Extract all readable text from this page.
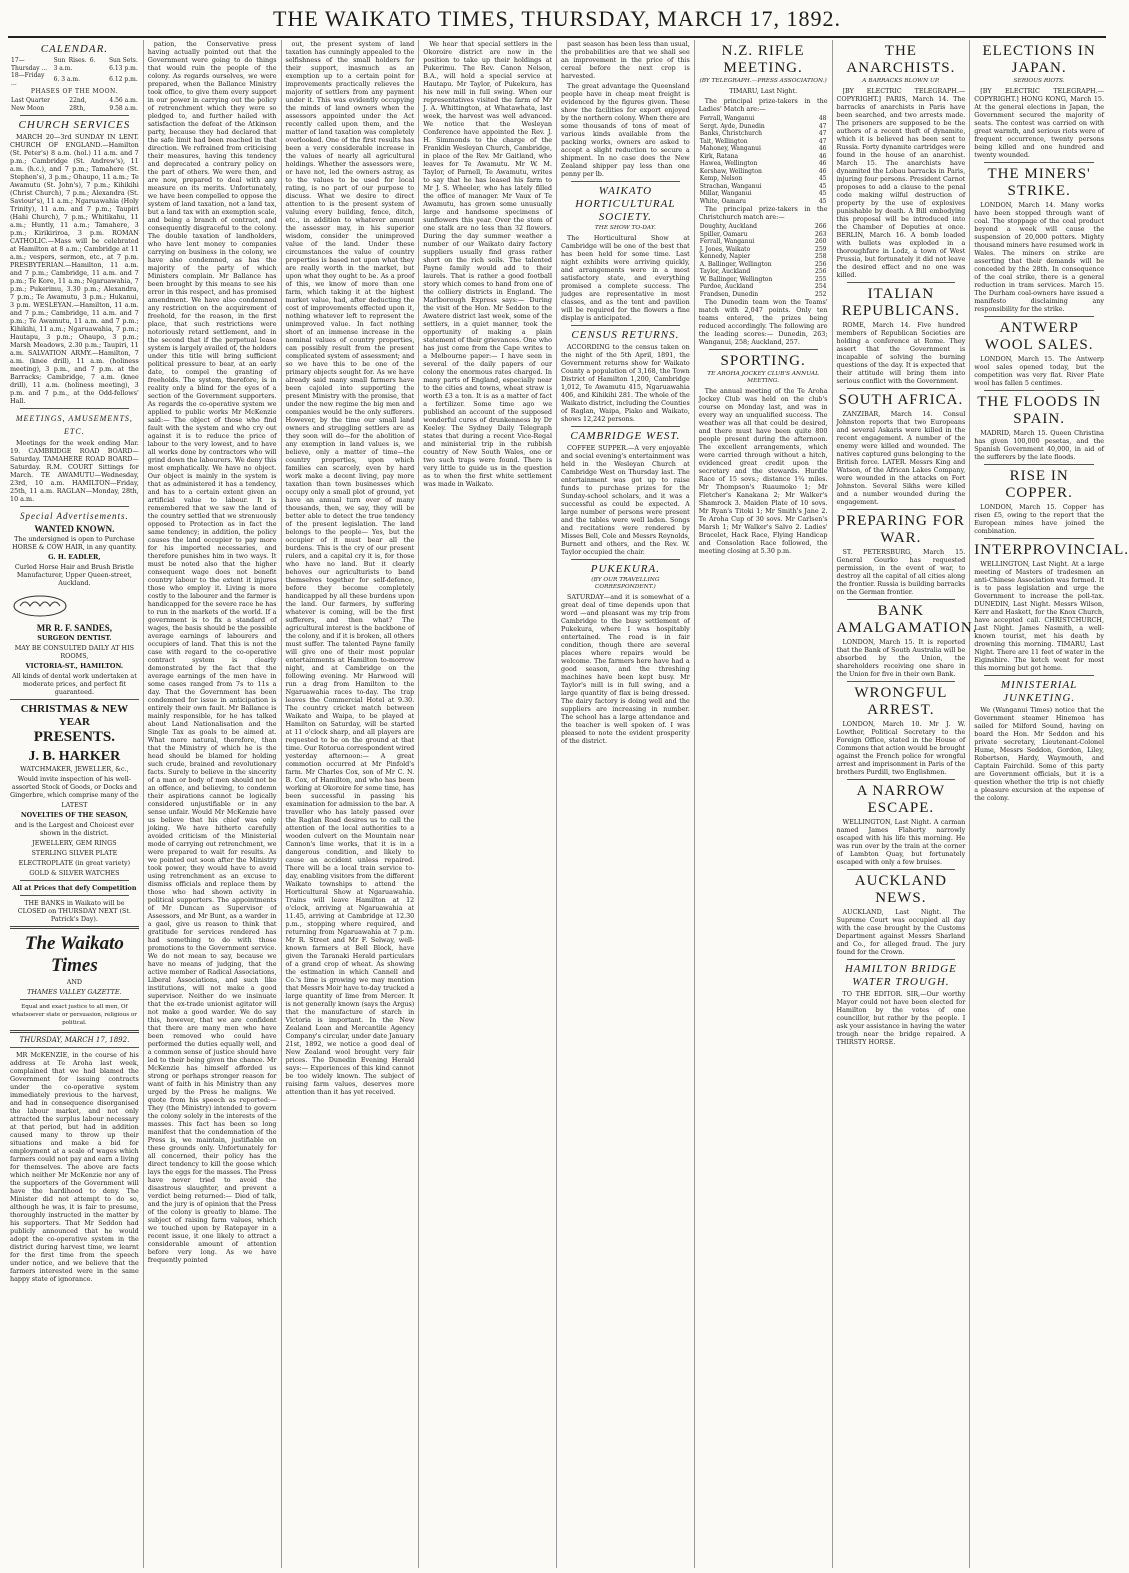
THE WAIKATO TIMES, THURSDAY, MARCH 17, 1892.
CALENDAR.
17—Thursday ...	Sun Rises. 6. 3 a.m.	Sun Sets. 6.13 p.m.
18—Friday ...	6. 3 a.m.	6.12 p.m.
PHASES OF THE MOON.
Last Quarter	22nd,	4.56 a.m.
New Moon	28th,	9.58 a.m.
CHURCH SERVICES

MARCH 20—3rd SUNDAY IN LENT. CHURCH OF ENGLAND.—Hamilton (St. Peter's) 8 a.m. (hol.) 11 a.m. and 7 p.m.; Cambridge (St. Andrew's), 11 a.m. (h.c.), and 7 p.m.; Tamahere (St. Stephen's), 3 p.m.; Ohaupo, 11 a.m.; Te Awamutu (St. John's), 7 p.m.; Kihikihi (Christ Church), 7 p.m.; Alexandra (St. Saviour's), 11 a.m.; Ngaruawahia (Holy Trinity), 11 a.m. and 7 p.m.; Taupiri (Hahi Church), 7 p.m.; Whitikahu, 11 a.m.; Huntly, 11 a.m.; Tamahere, 3 p.m.; Kirikiriroa, 3 p.m. ROMAN CATHOLIC.—Mass will be celebrated at Hamilton at 8 a.m.; Cambridge at 11 a.m.; vespers, sermon, etc., at 7 p.m. PRESBYTERIAN.—Hamilton, 11 a.m. and 7 p.m.; Cambridge, 11 a.m. and 7 p.m.; Te Kore, 11 a.m.; Ngaruawahia, 7 p.m.; Pukerimu, 3.30 p.m.; Alexandra, 7 p.m.; Te Awamutu, 3 p.m.; Hukanui, 3 p.m. WESLEYAN.—Hamilton, 11 a.m. and 7 p.m.; Cambridge, 11 a.m. and 7 p.m.; Te Awamutu, 11 a.m. and 7 p.m.; Kihikihi, 11 a.m.; Ngaruawahia, 7 p.m.; Hautapu, 3 p.m.; Ohaupo, 3 p.m.; Marsh Meadows, 2.30 p.m.; Taupiri, 11 a.m. SALVATION ARMY.—Hamilton, 7 a.m. (knee drill), 11 a.m. (holiness meeting), 3 p.m., and 7 p.m. at the Barracks; Cambridge, 7 a.m. (knee drill), 11 a.m. (holiness meeting), 3 p.m. and 7 p.m., at the Odd-fellows' Hall.

MEETINGS, AMUSEMENTS, ETC.

Meetings for the week ending Mar. 19. CAMBRIDGE ROAD BOARD—Saturday. TAMAHERE ROAD BOARD—Saturday. R.M. COURT Sittings for March. TE AWAMUTU—Wednesday, 23rd, 10 a.m. HAMILTON—Friday, 25th, 11 a.m. RAGLAN—Monday, 28th, 10 a.m.

Special Advertisements.
WANTED KNOWN.

The undersigned is open to Purchase HORSE & COW HAIR, in any quantity.

G. H. EADLER,

Curled Horse Hair and Brush Bristle Manufacturer, Upper Queen-street, Auckland.

MR R. F. SANDES,

SURGEON DENTIST.

MAY BE CONSULTED DAILY AT HIS ROOMS,

VICTORIA-ST., HAMILTON.

All kinds of dental work undertaken at moderate prices, and perfect fit guaranteed.

CHRISTMAS & NEW YEAR
PRESENTS.
J. B. HARKER

WATCHMAKER, JEWELLER, &c.,

Would invite inspection of his well-assorted Stock of Goods, or Docks and Gingerbre, which comprise many of the

LATEST

NOVELTIES OF THE SEASON,

and is the Largest and Choicest ever shown in the district.

JEWELLERY, GEM RINGS

STERLING SILVER PLATE

ELECTROPLATE (in great variety)

GOLD & SILVER WATCHES

All at Prices that defy Competition

THE BANKS in Waikato will be CLOSED on THURSDAY NEXT (St. Patrick's Day).

The Waikato Times

AND

THAMES VALLEY GAZETTE.

Equal and exact justice to all men, Of whatsoever state or persuasion, religious or political.

THURSDAY, MARCH 17, 1892.

MR McKENZIE, in the course of his address at Te Aroha last week, complained that we had blamed the Government for issuing contracts under the co-operative system immediately previous to the harvest, and had in consequence disorganised the labour market, and not only attracted the surplus labour necessary at that period, but had in addition caused many to throw up their situations and make a bid for employment at a scale of wages which farmers could not pay and earn a living for themselves. The above are facts which neither Mr McKenzie nor any of the supporters of the Government will have the hardihood to deny. The Minister did not attempt to do so, although he was, it is fair to presume, thoroughly instructed in the matter by his supporters. That Mr Seddon had publicly announced that he would adopt the co-operative system in the district during harvest time, we learnt for the first time from the speech under notice, and we believe that the farmers interested were in the same happy state of ignorance.

pation, the Conservative press having actually pointed out that the Government were going to do things that would ruin the people of the colony. As regards ourselves, we were prepared, when the Ballance Ministry took office, to give them every support in our power in carrying out the policy of retrenchment which they were so pledged to, and further hailed with satisfaction the defeat of the Atkinson party, because they had declared that the safe limit had been reached in that direction. We refrained from criticising their measures, having this tendency and deprecated a contrary policy on the part of others. We were then, and are now, prepared to deal with any measure on its merits. Unfortunately, we have been compelled to oppose the system of land taxation, not a land tax, but a land tax with an exemption scale, and being a branch of contract, and consequently disgraceful to the colony. The double taxation of landholders, who have lent money to companies carrying on business in the colony, we have also condemned, as has the majority of the party of which Ministers complain. Mr Ballance has been brought by this means to see his error in this respect, and has promised amendment. We have also condemned any restriction on the acquirement of freehold, for the reason, in the first place, that such restrictions were notoriously retard settlement, and in the second that if the perpetual lease system is largely availed of, the holders under this title will bring sufficient political pressure to bear, at an early date, to compel the granting of freeholds. The system, therefore, is in reality only a blind for the eyes of a section of the Government supporters. As regards the co-operative system we applied to public works Mr McKenzie said:— The object of those who find fault with the system and who cry out against it is to reduce the price of labour to the very lowest, and to have all works done by contractors who will grind down the labourers. We deny this most emphatically. We have no object. Our object is mainly in the system is that as administered it has a tendency, and has to a certain extent given an artificial value to labour. It is remembered that we saw the land of the country settled that we strenuously opposed to Protection as in fact the same tendency; in addition, the policy causes the land occupier to pay more for his imported necessaries, and therefore punishes him in two ways. It must be noted also that the higher consequent wage does not benefit country labour to the extent it injures those who employ it. Living is more costly to the labourer and the farmer is handicapped for the severe race he has to run in the markets of the world. If a government is to fix a standard of wages, the basis should be the possible average earnings of labourers and occupiers of land. That this is not the case with regard to the co-operative contract system is clearly demonstrated by the fact that the average earnings of the men have in some cases ranged from 7s to 11s a day. That the Government has been condemned for issue in anticipation is entirely their own fault. Mr Ballance is mainly responsible, for he has talked about Land Nationalisation and the Single Tax as goals to be aimed at. What more natural, therefore, than that the Ministry of which he is the head should be blamed for holding such crude, brained and revolutionary facts. Surely to believe in the sincerity of a man or body of men should not be an offence, and believing, to condemn their aspirations cannot be logically considered unjustifiable or in any sense unfair. Would Mr McKenzie have us believe that his chief was only joking. We have hitherto carefully avoided criticism of the Ministerial mode of carrying out retrenchment, we were prepared to wait for results. As we pointed out soon after the Ministry took power, they would have to avoid using retrenchment as an excuse to dismiss officials and replace them by those who had shown activity in political supporters. The appointments of Mr Duncan as Supervisor of Assessors, and Mr Bunt, as a warder in a gaol, give us reason to think that gratitude for services rendered has had something to do with those promotions to the Government service. We do not mean to say, because we have no means of judging, that the active member of Radical Associations, Liberal Associations, and such like institutions, will not make a good supervisor. Neither do we insinuate that the ex-trade unionist agitator will not make a good warder. We do say this, however, that we are confident that there are many men who have been removed who could have performed the duties equally well, and a common sense of justice should have led to their being given the chance. Mr McKenzie has himself afforded us strong or perhaps stronger reason for want of faith in his Ministry than any urged by the Press he maligns. We quote from his speech as reported:— They (the Ministry) intended to govern the colony solely in the interests of the masses. This fact has been so long manifest that the condemnation of the Press is, we maintain, justifiable on these grounds only. Unfortunately for all concerned, their policy has the direct tendency to kill the goose which lays the eggs for the masses. The Press have never tried to avoid the disastrous slaughter, and prevent a verdict being returned:— Died of talk, and the jury is of opinion that the Press of the colony is greatly to blame. The subject of raising farm values, which we touched upon by Ratepayer in a recent issue, it one likely to attract a considerable amount of attention before very long. As we have frequently pointed

out, the present system of land taxation has cunningly appealed to the selfishness of the small holders for their support, inasmuch as an exemption up to a certain point for improvements practically relieves the majority of settlers from any payment under it. This was evidently occupying the minds of land owners when the assessors appointed under the Act recently called upon them, and the matter of land taxation was completely overlooked. One of the first results has been a very considerable increase in the values of nearly all agricultural holdings. Whether the assessors were, or have not, led the owners astray, as to the values to be used for local rating, is no part of our purpose to discuss. What we desire to direct attention to is the present system of valuing every building, fence, ditch, etc., in addition to whatever amount the assessor may, in his superior wisdom, consider the unimproved value of the land. Under these circumstances the value of country properties is based not upon what they are really worth in the market, but upon what they ought to be. As a proof of this, we know of more than one farm, which taking it at the highest market value, had, after deducting the cost of improvements effected upon it, nothing whatever left to represent the unimproved value. In fact nothing short of an immense increase in the nominal values of country properties, can possibly result from the present complicated system of assessment; and so we have this to be one of the primary objects sought for. As we have already said many small farmers have been cajoled into supporting the present Ministry with the promise, that under the new regime the big men and companies would be the only sufferers. However, by the time our small land owners and struggling settlers are as they soon will do—for the abolition of any exemption in land values is, we believe, only a matter of time—the country properties, upon which families can scarcely, even by hard work make a decent living, pay more taxation than town businesses which occupy only a small plot of ground, yet have an annual turn over of many thousands, then, we say, they will be better able to detect the true tendency of the present legislation. The land belongs to the people— Yes, but the occupier of it must bear all the burdens. This is the cry of our present rulers, and a capital cry it is, for those who have no land. But it clearly behoves our agriculturists to band themselves together for self-defence, before they become completely handicapped by all these burdens upon the land. Our farmers, by suffering whatever is coming, will be the first sufferers, and then what? The agricultural interest is the backbone of the colony, and if it is broken, all others must suffer. The talented Payne family will give one of their most popular entertainments at Hamilton to-morrow night, and at Cambridge on the following evening. Mr Harwood will run a drag from Hamilton to the Ngaruawahia races to-day. The trap leaves the Commercial Hotel at 9.30. The country cricket match between Waikato and Waipa, to be played at Hamilton on Saturday, will be started at 11 o'clock sharp, and all players are requested to be on the ground at that time. Our Rotorua correspondent wired yesterday afternoon:— A great commotion occurred at Mr Pinfold's farm. Mr Charles Cox, son of Mr C. N. B. Cox, of Hamilton, and who has been working at Okoroire for some time, has been successful in passing his examination for admission to the bar. A traveller who has lately passed over the Raglan Road desires us to call the attention of the local authorities to a wooden culvert on the Mountain near Cannon's lime works, that it is in a dangerous condition, and likely to cause an accident unless repaired. There will be a local train service to-day, enabling visitors from the different Waikato townships to attend the Horticultural Show at Ngaruawahia. Trains will leave Hamilton at 12 o'clock, arriving at Ngaruawahia at 11.45, arriving at Cambridge at 12.30 p.m., stopping where required, and returning from Ngaruawahia at 7 p.m. Mr R. Street and Mr F. Selway, well-known farmers at Bell Block, have given the Taranaki Herald particulars of a grand crop of wheat. As showing the estimation in which Cannell and Co.'s lime is growing we may mention that Messrs Moir have to-day trucked a large quantity of lime from Mercer. It is not generally known (says the Argus) that the manufacture of starch in Victoria is important. In the New Zealand Loan and Mercantile Agency Company's circular, under date January 21st, 1892, we notice a good deal of New Zealand wool brought very fair prices. The Dunedin Evening Herald says:— Experiences of this kind cannot be too widely known. The subject of raising farm values, deserves more attention than it has yet received.

We hear that special settlers in the Okoroire district are now in the position to take up their holdings at Pukerimu. The Rev. Canon Nelson, B.A., will hold a special service at Hautapu. Mr Taylor, of Pukekura, has his new mill in full swing. When our representatives visited the farm of Mr J. A. Whittington, at Whatawhata, last week, the harvest was well advanced. We notice that the Wesleyan Conference have appointed the Rev. J. H. Simmonds to the charge of the Franklin Wesleyan Church, Cambridge, in place of the Rev. Mr Gaitland, who leaves for Te Awamutu. Mr W. M. Taylor, of Parnell, Te Awamutu, writes to say that he has leased his farm to Mr J. S. Wheeler, who has lately filled the office of manager. Mr Vaux of Te Awamutu, has grown some unusually large and handsome specimens of sunflowers this year. Over the stem of one stalk are no less than 32 flowers. During the day summer weather a number of our Waikato dairy factory suppliers usually find grass rather short on the rich soils. The talented Payne family would add to their laurels. That is rather a good football story which comes to hand from one of the colliery districts in England. The Marlborough Express says:— During the visit of the Hon. Mr Seddon to the Awatere district last week, some of the settlers, in a quiet manner, took the opportunity of making a plain statement of their grievances. One who has just come from the Cape writes to a Melbourne paper:— I have seen in several of the daily papers of our colony the enormous rates charged. In many parts of England, especially near to the cities and towns, wheat straw is worth £3 a ton. It is as a matter of fact a fertilizer. Some time ago we published an account of the supposed wonderful cures of drunkenness by Dr Keeley. The Sydney Daily Telegraph states that during a recent Vice-Regal and ministerial trip in the rubbish country of New South Wales, one or two such traps were found. There is very little to guide us in the question as to when the first white settlement was made in Waikato.

past season has been less than usual, the probabilities are that we shall see an improvement in the price of this cereal before the next crop is harvested.

The great advantage the Queensland people have in cheap meat freight is evidenced by the figures given. These show the facilities for export enjoyed by the northern colony. When there are some thousands of tons of meat of various kinds available from the packing works, owners are asked to accept a slight reduction to secure a shipment. In no case does the New Zealand shipper pay less than one penny per lb.

WAIKATO HORTICULTURAL SOCIETY.
THE SHOW TO-DAY.

The Horticultural Show at Cambridge will be one of the best that has been held for some time. Last night exhibits were arriving quickly, and arrangements were in a most satisfactory state, and everything promised a complete success. The judges are representative in most classes, and as the tent and pavilion will be required for the flowers a fine display is anticipated.

CENSUS RETURNS.

ACCORDING to the census taken on the night of the 5th April, 1891, the Government returns show for Waikato County a population of 3,168, the Town District of Hamilton 1,200, Cambridge 1,012, Te Awamutu 415, Ngaruawahia 406, and Kihikihi 281. The whole of the Waikato district, including the Counties of Raglan, Waipa, Piako and Waikato, shows 12,242 persons.

CAMBRIDGE WEST.

COFFEE SUPPER.—A very enjoyable and social evening's entertainment was held in the Wesleyan Church at Cambridge West on Thursday last. The entertainment was got up to raise funds to purchase prizes for the Sunday-school scholars, and it was a successful as could be expected. A large number of persons were present and the tables were well laden. Songs and recitations were rendered by Misses Bell, Cole and Messrs Reynolds, Burnett and others, and the Rev. W. Taylor occupied the chair.

PUKEKURA.
(BY OUR TRAVELLING CORRESPONDENT.)

SATURDAY—and it is somewhat of a great deal of time depends upon that word —and pleasant was my trip from Cambridge to the busy settlement of Pukekura, where I was hospitably entertained. The road is in fair condition, though there are several places where repairs would be welcome. The farmers here have had a good season, and the threshing machines have been kept busy. Mr Taylor's mill is in full swing, and a large quantity of flax is being dressed. The dairy factory is doing well and the suppliers are increasing in number. The school has a large attendance and the teacher is well spoken of. I was pleased to note the evident prosperity of the district.

N.Z. RIFLE MEETING.
(BY TELEGRAPH.—PRESS ASSOCIATION.)

TIMARU, Last Night.

The principal prize-takers in the Ladies' Match are:—

Ferrall, Wanganui	48
Sergt. Ayde, Dunedin	47
Banks, Christchurch	47
Tait, Wellington	47
Mahoney, Wanganui	46
Kirk, Ratana	46
Hawea, Wellington	46
Kershaw, Wellington	46
Kemp, Nelson	45
Strachan, Wanganui	45
Millar, Wanganui	45
White, Oamaru	45

The principal prize-takers in the Christchurch match are:—

Doughty, Auckland	266
Spiller, Oamaru	263
Ferrall, Wanganui	260
J. Jones, Waikato	259
Kennedy, Napier	258
A. Ballinger, Wellington	256
Taylor, Auckland	256
W. Ballinger, Wellington	255
Pardoe, Auckland	254
Frandsen, Dunedin	252

The Dunedin team won the Teams' match with 2,047 points. Only ten teams entered, the prizes being reduced accordingly. The following are the leading scores:— Dunedin, 263; Wanganui, 258; Auckland, 257.

SPORTING.
TE AROHA JOCKEY CLUB'S ANNUAL MEETING.

The annual meeting of the Te Aroha Jockey Club was held on the club's course on Monday last, and was in every way an unqualified success. The weather was all that could be desired, and there must have been quite 800 people present during the afternoon. The excellent arrangements, which were carried through without a hitch, evidenced great credit upon the secretary and the stewards. Hurdle Race of 15 sovs.; distance 1¾ miles. Mr Thompson's Ruaumoko 1; Mr Fletcher's Kanakana 2; Mr Walker's Shamrock 3. Maiden Plate of 10 sovs. Mr Ryan's Titoki 1; Mr Smith's Jane 2. Te Aroha Cup of 30 sovs. Mr Carlsen's Marsh 1; Mr Walker's Salvo 2. Ladies' Bracelet, Hack Race, Flying Handicap and Consolation Race followed, the meeting closing at 5.30 p.m.

THE ANARCHISTS.
A BARRACKS BLOWN UP.

[BY ELECTRIC TELEGRAPH.—COPYRIGHT.] PARIS, March 14. The barracks of anarchists in Paris have been searched, and two arrests made. The prisoners are supposed to be the authors of a recent theft of dynamite, which it is believed has been sent to Russia. Forty dynamite cartridges were found in the house of an anarchist. March 15. The anarchists have dynamited the Lobau barracks in Paris, injuring four persons. President Carnot proposes to add a clause to the penal code making wilful destruction of property by the use of explosives punishable by death. A Bill embodying this proposal will be introduced into the Chamber of Deputies at once. BERLIN, March 16. A bomb loaded with bullets was exploded in a thoroughfare in Lodz, a town of West Prussia, but fortunately it did not leave the desired effect and no one was killed.

ITALIAN REPUBLICANS.

ROME, March 14. Five hundred members of Republican Societies are holding a conference at Rome. They assert that the Government is incapable of solving the burning questions of the day. It is expected that their attitude will bring them into serious conflict with the Government.

SOUTH AFRICA.

ZANZIBAR, March 14. Consul Johnston reports that two Europeans and several Askaris were killed in the recent engagement. A number of the enemy were killed and wounded. The natives captured guns belonging to the British force. LATER. Messrs King and Watson, of the African Lakes Company, were wounded in the attacks on Fort Johnston. Several Sikhs were killed and a number wounded during the engagement.

PREPARING FOR WAR.

ST. PETERSBURG, March 15. General Gourko has requested permission, in the event of war, to destroy all the capital of all cities along the frontier. Russia is building barracks on the German frontier.

BANK AMALGAMATION.

LONDON, March 15. It is reported that the Bank of South Australia will be absorbed by the Union, the shareholders receiving one share in the Union for five in their own Bank.

WRONGFUL ARREST.

LONDON, March 10. Mr J. W. Lowther, Political Secretary to the Foreign Office, stated in the House of Commons that action would be brought against the French police for wrongful arrest and imprisonment in Paris of the brothers Purdill, two Englishmen.

A NARROW ESCAPE.

WELLINGTON, Last Night. A carman named James Flaherty narrowly escaped with his life this morning. He was run over by the train at the corner of Lambton Quay, but fortunately escaped with only a few bruises.

AUCKLAND NEWS.

AUCKLAND, Last Night. The Supreme Court was occupied all day with the case brought by the Customs Department against Messrs Sharland and Co., for alleged fraud. The jury found for the Crown.

HAMILTON BRIDGE WATER TROUGH.

TO THE EDITOR. SIR,—Our worthy Mayor could not have been elected for Hamilton by the votes of one councillor, but rather by the people. I ask your assistance in having the water trough near the bridge repaired. A THIRSTY HORSE.

ELECTIONS IN JAPAN.
SERIOUS RIOTS.

[BY ELECTRIC TELEGRAPH.—COPYRIGHT.] HONG KONG, March 15. At the general elections in Japan, the Government secured the majority of seats. The contest was carried on with great warmth, and serious riots were of frequent occurrence, twenty persons being killed and one hundred and twenty wounded.

THE MINERS' STRIKE.

LONDON, March 14. Many works have been stopped through want of coal. The stoppage of the coal product beyond a week will cause the suspension of 20,000 potters. Mighty thousand miners have resumed work in Wales. The miners on strike are asserting that their demands will be conceded by the 28th. In consequence of the coal strike, there is a general reduction in tram services. March 15. The Durham coal-owners have issued a manifesto disclaiming any responsibility for the strike.

ANTWERP WOOL SALES.

LONDON, March 15. The Antwerp wool sales opened today, but the competition was very flat. River Plate wool has fallen 5 centimes.

THE FLOODS IN SPAIN.

MADRID, March 15. Queen Christina has given 100,000 pesetas, and the Spanish Government 40,000, in aid of the sufferers by the late floods.

RISE IN COPPER.

LONDON, March 15. Copper has risen £5, owing to the report that the European mines have joined the combination.

INTERPROVINCIAL.

WELLINGTON, Last Night. At a large meeting of Masters of tradesmen an anti-Chinese Association was formed. It is to pass legislation and urge the Government to increase the poll-tax. DUNEDIN, Last Night. Messrs Wilson, Kerr and Haskett, for the Knox Church, have accepted call. CHRISTCHURCH, Last Night. James Nasmith, a well-known tourist, met his death by drowning this morning. TIMARU, Last Night. There are 11 feet of water in the Eiginshire. The ketch went for most this morning but got home.

MINISTERIAL JUNKETING.

We (Wanganui Times) notice that the Government steamer Hinemoa has sailed for Milford Sound, having on board the Hon. Mr Seddon and his private secretary, Lieutenant-Colonel Hume, Messrs Seddon, Gordon, Liley, Robertson, Hardy, Waymouth, and Captain Fairchild. Some of this party are Government officials, but it is a question whether the trip is not chiefly a pleasure excursion at the expense of the colony.
